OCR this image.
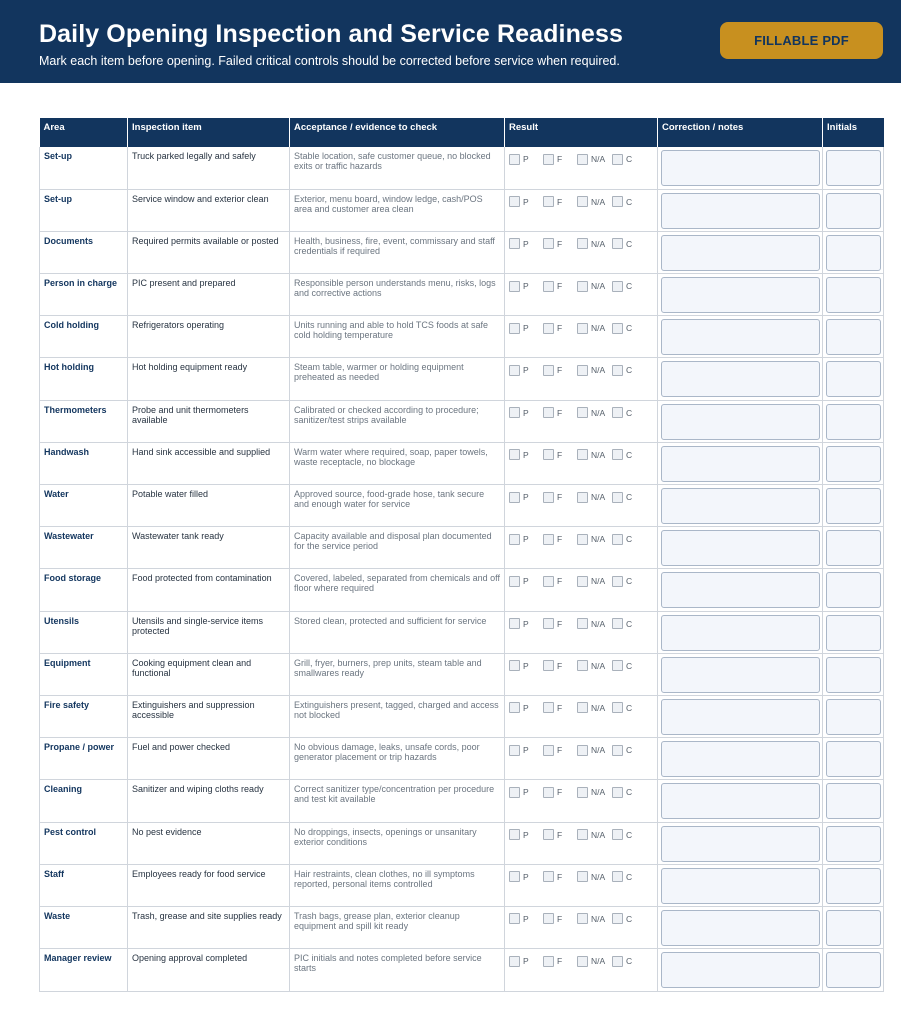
Daily Opening Inspection and Service Readiness
Mark each item before opening. Failed critical controls should be corrected before service when required.
FILLABLE PDF
Area	Inspection item	Acceptance / evidence to check	Result	Correction / notes	Initials
Set-up	Truck parked legally and safely	Stable location, safe customer queue, no blocked exits or traffic hazards	P F N/A C		

Set-up	Service window and exterior clean	Exterior, menu board, window ledge, cash/POS area and customer area clean	P F N/A C		

Documents	Required permits available or posted	Health, business, fire, event, commissary and staff credentials if required	P F N/A C		

Person in charge	PIC present and prepared	Responsible person understands menu, risks, logs and corrective actions	P F N/A C		

Cold holding	Refrigerators operating	Units running and able to hold TCS foods at safe cold holding temperature	P F N/A C		

Hot holding	Hot holding equipment ready	Steam table, warmer or holding equipment preheated as needed	P F N/A C		

Thermometers	Probe and unit thermometers available	Calibrated or checked according to procedure; sanitizer/test strips available	P F N/A C		

Handwash	Hand sink accessible and supplied	Warm water where required, soap, paper towels, waste receptacle, no blockage	P F N/A C		

Water	Potable water filled	Approved source, food-grade hose, tank secure and enough water for service	P F N/A C		

Wastewater	Wastewater tank ready	Capacity available and disposal plan documented for the service period	P F N/A C		

Food storage	Food protected from contamination	Covered, labeled, separated from chemicals and off floor where required	P F N/A C		

Utensils	Utensils and single-service items protected	Stored clean, protected and sufficient for service	P F N/A C		

Equipment	Cooking equipment clean and functional	Grill, fryer, burners, prep units, steam table and smallwares ready	P F N/A C		

Fire safety	Extinguishers and suppression accessible	Extinguishers present, tagged, charged and access not blocked	P F N/A C		

Propane / power	Fuel and power checked	No obvious damage, leaks, unsafe cords, poor generator placement or trip hazards	P F N/A C		

Cleaning	Sanitizer and wiping cloths ready	Correct sanitizer type/concentration per procedure and test kit available	P F N/A C		

Pest control	No pest evidence	No droppings, insects, openings or unsanitary exterior conditions	P F N/A C		

Staff	Employees ready for food service	Hair restraints, clean clothes, no ill symptoms reported, personal items controlled	P F N/A C		

Waste	Trash, grease and site supplies ready	Trash bags, grease plan, exterior cleanup equipment and spill kit ready	P F N/A C		

Manager review	Opening approval completed	PIC initials and notes completed before service starts	P F N/A C		
